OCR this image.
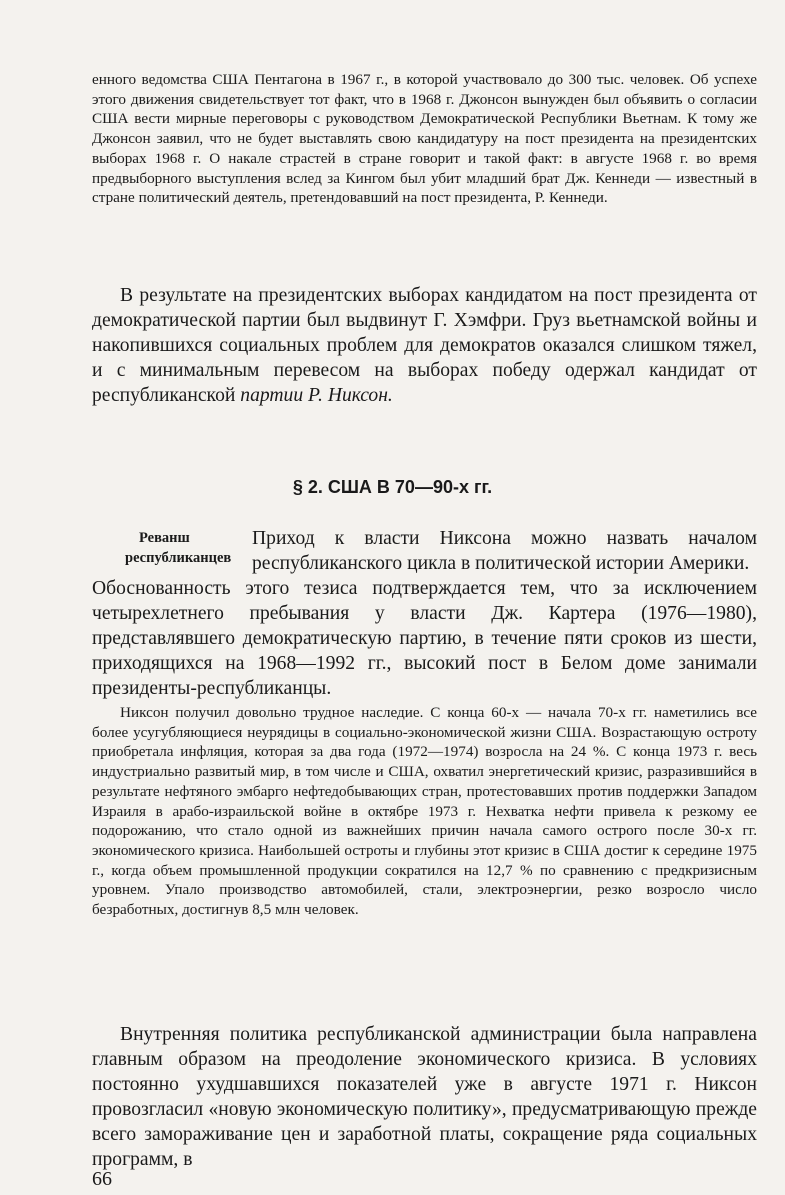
енного ведомства США Пентагона в 1967 г., в которой участвовало до 300 тыс. человек. Об успехе этого движения свидетельствует тот факт, что в 1968 г. Джонсон вынужден был объявить о согласии США вести мирные переговоры с руководством Демократической Республики Вьетнам. К тому же Джонсон заявил, что не будет выставлять свою кандидатуру на пост президента на президентских выборах 1968 г. О накале страстей в стране говорит и такой факт: в августе 1968 г. во время предвыборного выступления вслед за Кингом был убит младший брат Дж. Кеннеди — известный в стране политический деятель, претендовавший на пост президента, Р. Кеннеди.

В результате на президентских выборах кандидатом на пост президента от демократической партии был выдвинут Г. Хэмфри. Груз вьетнамской войны и накопившихся социальных проблем для демократов оказался слишком тяжел, и с минимальным перевесом на выборах победу одержал кандидат от республиканской партии Р. Никсон.

§ 2. США В 70—90-х гг.
Реванш
республиканцев

Приход к власти Никсона можно назвать началом республиканского цикла в политической истории Америки.

Обоснованность этого тезиса подтверждается тем, что за исключением четырехлетнего пребывания у власти Дж. Картера (1976—1980), представлявшего демократическую партию, в течение пяти сроков из шести, приходящихся на 1968—1992 гг., высокий пост в Белом доме занимали президенты-республиканцы.

Никсон получил довольно трудное наследие. С конца 60-х — начала 70-х гг. наметились все более усугубляющиеся неурядицы в социально-экономической жизни США. Возрастающую остроту приобретала инфляция, которая за два года (1972—1974) возросла на 24 %. С конца 1973 г. весь индустриально развитый мир, в том числе и США, охватил энергетический кризис, разразившийся в результате нефтяного эмбарго нефтедобывающих стран, протестовавших против поддержки Западом Израиля в арабо-израильской войне в октябре 1973 г. Нехватка нефти привела к резкому ее подорожанию, что стало одной из важнейших причин начала самого острого после 30-х гг. экономического кризиса. Наибольшей остроты и глубины этот кризис в США достиг к середине 1975 г., когда объем промышленной продукции сократился на 12,7 % по сравнению с предкризисным уровнем. Упало производство автомобилей, стали, электроэнергии, резко возросло число безработных, достигнув 8,5 млн человек.

Внутренняя политика республиканской администрации была направлена главным образом на преодоление экономического кризиса. В условиях постоянно ухудшавшихся показателей уже в августе 1971 г. Никсон провозгласил «новую экономическую политику», предусматривающую прежде всего замораживание цен и заработной платы, сокращение ряда социальных программ, в

66
